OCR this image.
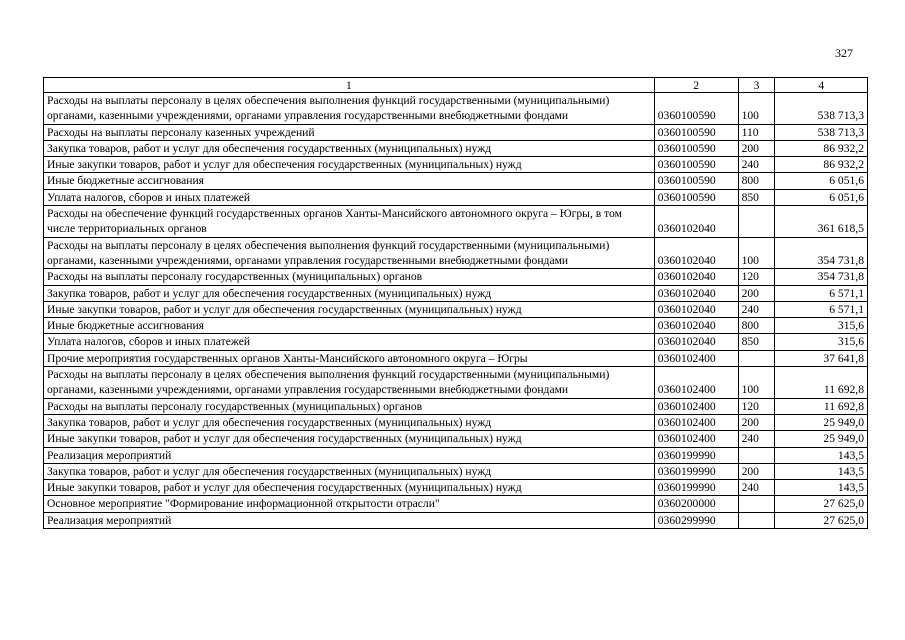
327
1	2	3	4
Расходы на выплаты персоналу в целях обеспечения выполнения функций государственными (муниципальными) органами, казенными учреждениями, органами управления государственными внебюджетными фондами	0360100590	100	538 713,3
Расходы на выплаты персоналу казенных учреждений	0360100590	110	538 713,3
Закупка товаров, работ и услуг для обеспечения государственных (муниципальных) нужд	0360100590	200	86 932,2
Иные закупки товаров, работ и услуг для обеспечения государственных (муниципальных) нужд	0360100590	240	86 932,2
Иные бюджетные ассигнования	0360100590	800	6 051,6
Уплата налогов, сборов и иных платежей	0360100590	850	6 051,6
Расходы на обеспечение функций государственных органов Ханты-Мансийского автономного округа – Югры, в том числе территориальных органов	0360102040		361 618,5
Расходы на выплаты персоналу в целях обеспечения выполнения функций государственными (муниципальными) органами, казенными учреждениями, органами управления государственными внебюджетными фондами	0360102040	100	354 731,8
Расходы на выплаты персоналу государственных (муниципальных) органов	0360102040	120	354 731,8
Закупка товаров, работ и услуг для обеспечения государственных (муниципальных) нужд	0360102040	200	6 571,1
Иные закупки товаров, работ и услуг для обеспечения государственных (муниципальных) нужд	0360102040	240	6 571,1
Иные бюджетные ассигнования	0360102040	800	315,6
Уплата налогов, сборов и иных платежей	0360102040	850	315,6
Прочие мероприятия государственных органов Ханты-Мансийского автономного округа – Югры	0360102400		37 641,8
Расходы на выплаты персоналу в целях обеспечения выполнения функций государственными (муниципальными) органами, казенными учреждениями, органами управления государственными внебюджетными фондами	0360102400	100	11 692,8
Расходы на выплаты персоналу государственных (муниципальных) органов	0360102400	120	11 692,8
Закупка товаров, работ и услуг для обеспечения государственных (муниципальных) нужд	0360102400	200	25 949,0
Иные закупки товаров, работ и услуг для обеспечения государственных (муниципальных) нужд	0360102400	240	25 949,0
Реализация мероприятий	0360199990		143,5
Закупка товаров, работ и услуг для обеспечения государственных (муниципальных) нужд	0360199990	200	143,5
Иные закупки товаров, работ и услуг для обеспечения государственных (муниципальных) нужд	0360199990	240	143,5
Основное мероприятие "Формирование информационной открытости отрасли"	0360200000		27 625,0
Реализация мероприятий	0360299990		27 625,0
